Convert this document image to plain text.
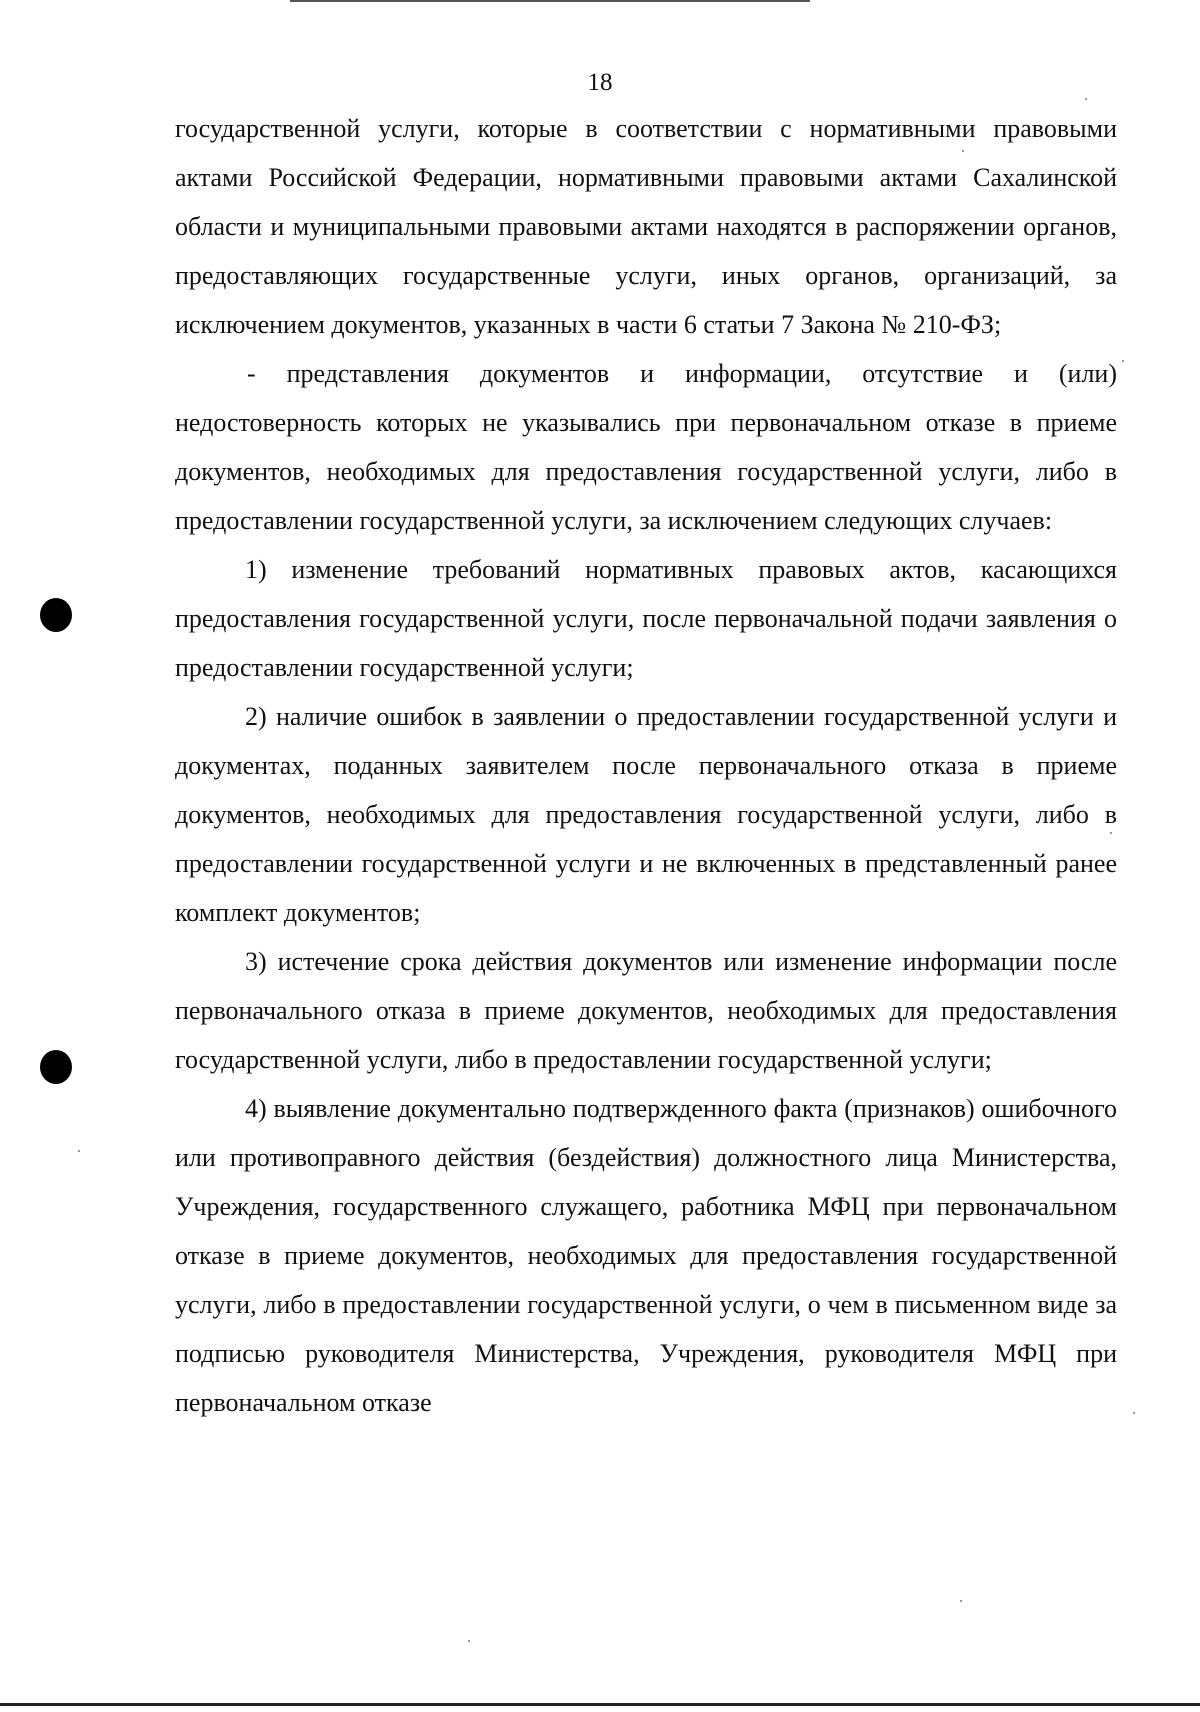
18

государственной услуги, которые в соответствии с нормативными правовыми актами Российской Федерации, нормативными правовыми актами Сахалинской области и муниципальными правовыми актами находятся в распоряжении органов, предоставляющих государственные услуги, иных органов, организаций, за исключением документов, указанных в части 6 статьи 7 Закона № 210-ФЗ;

- представления документов и информации, отсутствие и (или) недостоверность которых не указывались при первоначальном отказе в приеме документов, необходимых для предоставления государственной услуги, либо в предоставлении государственной услуги, за исключением следующих случаев:

1) изменение требований нормативных правовых актов, касающихся предоставления государственной услуги, после первоначальной подачи заявления о предоставлении государственной услуги;

2) наличие ошибок в заявлении о предоставлении государственной услуги и документах, поданных заявителем после первоначального отказа в приеме документов, необходимых для предоставления государственной услуги, либо в предоставлении государственной услуги и не включенных в представленный ранее комплект документов;

3) истечение срока действия документов или изменение информации после первоначального отказа в приеме документов, необходимых для предоставления государственной услуги, либо в предоставлении государственной услуги;

4) выявление документально подтвержденного факта (признаков) ошибочного или противоправного действия (бездействия) должностного лица Министерства, Учреждения, государственного служащего, работника МФЦ при первоначальном отказе в приеме документов, необходимых для предоставления государственной услуги, либо в предоставлении государственной услуги, о чем в письменном виде за подписью руководителя Министерства, Учреждения, руководителя МФЦ при первоначальном отказе
